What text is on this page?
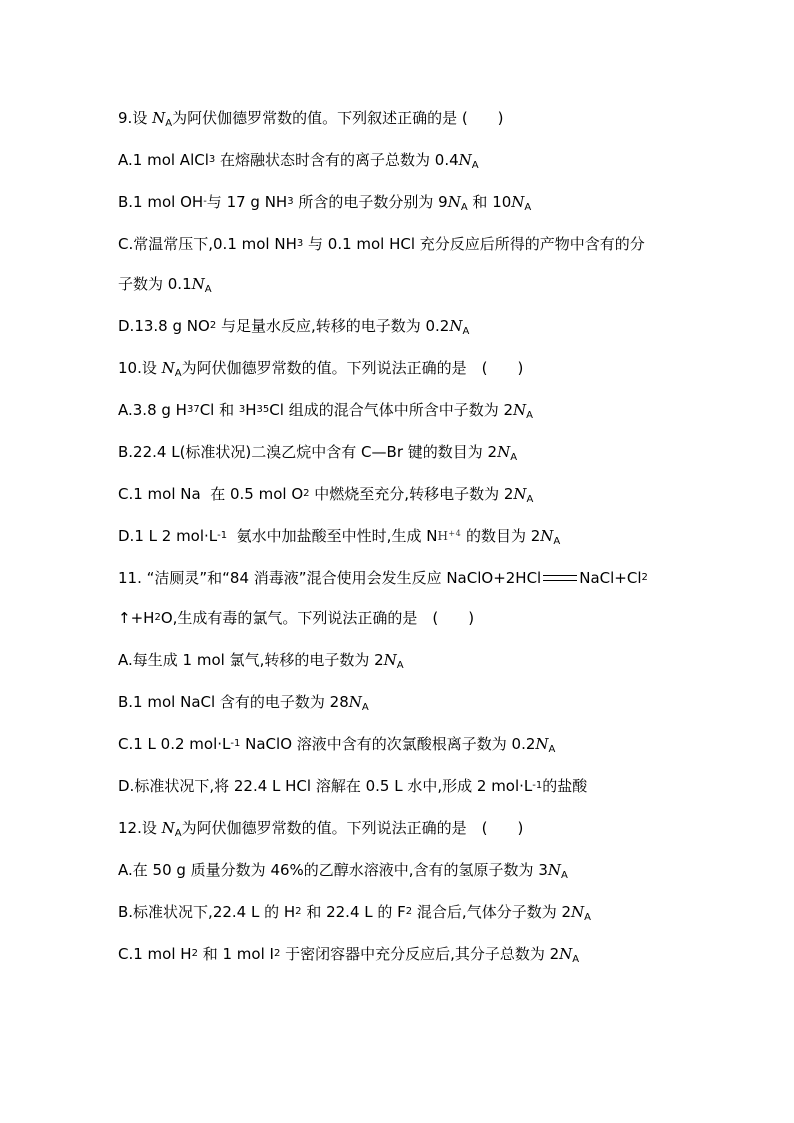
9. 设 $N_A$ 为阿伏伽德罗常数的值。下列叙述正确的是 (　　)
A.1 mol AlCl 3 在熔融状态时含有的离子总数为 0.4 $N_A$
B.1 mol OH - 与 17 g NH 3 所含的电子数分别为 9 $N_A$ 和 10 $N_A$
C.常温常压下,0.1 mol NH 3 与 0.1 mol HCl 充分反应后所得的产物中含有的分
子数为 0.1 $N_A$
D.13.8 g NO 2 与足量水反应,转移的电子数为 0.2 $N_A$
10. 设 $N_A$ 为阿伏伽德罗常数的值。下列说法正确的是　(　　)
A.3.8 g H 37 Cl 和 3 H 35 Cl 组成的混合气体中所含中子数为 2 $N_A$
B.22.4 L(标准状况)二溴乙烷中含有 C—Br 键的数目为 2 $N_A$
C.1 mol Na  在 0.5 mol O 2 中燃烧至充分,转移电子数为 2 $N_A$
D.1 L 2 mol·L -1 氨水中加盐酸至中性时,生成 N $H^{+4}$ 的数目为 2 $N_A$
11. “洁厕灵”和“84 消毒液”混合使用会发生反应 NaClO+2HCl	NaCl+Cl 2
↑ +H 2 O,生成有毒的氯气。下列说法正确的是　(　　)
A.每生成 1 mol 氯气,转移的电子数为 2 $N_A$
B.1 mol NaCl 含有的电子数为 28 $N_A$
C.1 L 0.2 mol·L -1 NaClO 溶液中含有的次氯酸根离子数为 0.2 $N_A$
D.标准状况下,将 22.4 L HCl 溶解在 0.5 L 水中,形成 2 mol·L -1 的盐酸
12. 设 $N_A$ 为阿伏伽德罗常数的值。下列说法正确的是　(　　)
A.在 50 g 质量分数为 46%的乙醇水溶液中,含有的氢原子数为 3 $N_A$
B.标准状况下,22.4 L 的 H 2 和 22.4 L 的 F 2 混合后,气体分子数为 2 $N_A$
C.1 mol H 2 和 1 mol I 2 于密闭容器中充分反应后,其分子总数为 2 $N_A$
